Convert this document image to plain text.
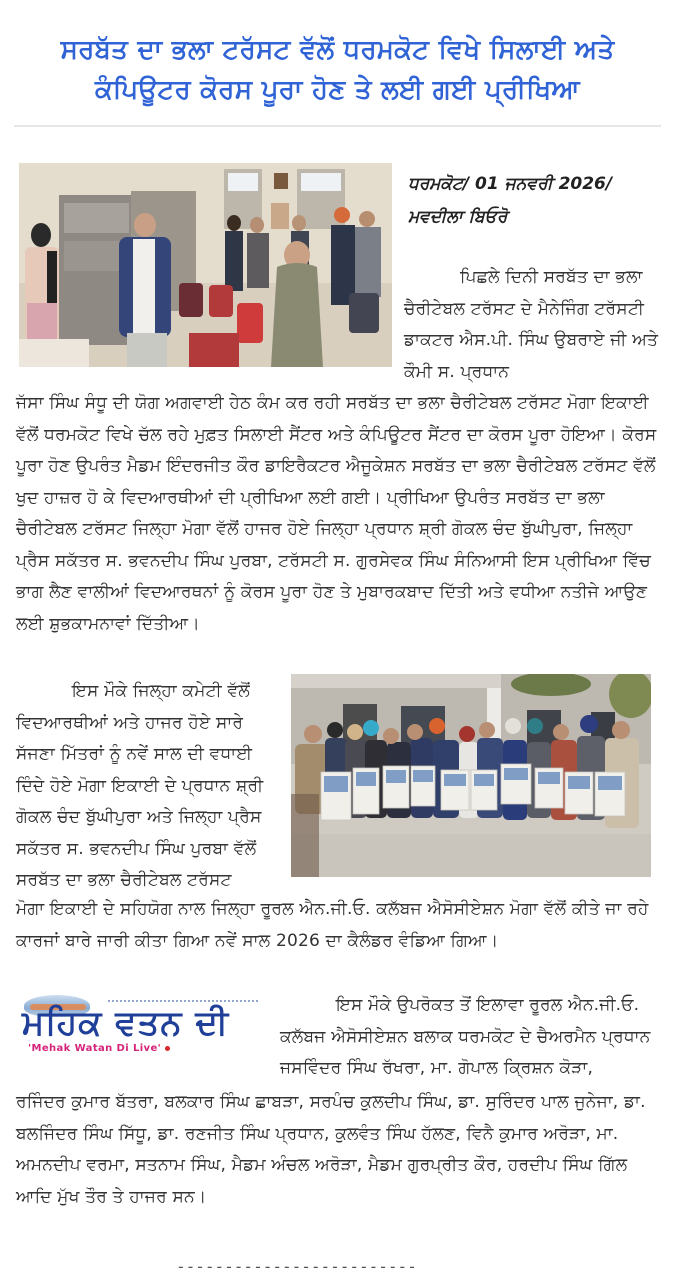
ਸਰਬੱਤ ਦਾ ਭਲਾ ਟਰੱਸਟ ਵੱਲੋਂ ਧਰਮਕੋਟ ਵਿਖੇ ਸਿਲਾਈ ਅਤੇ ਕੰਪਿਊਟਰ ਕੋਰਸ ਪੂਰਾ ਹੋਣ ਤੇ ਲਈ ਗਈ ਪ੍ਰੀਖਿਆ
ਧਰਮਕੋਟ/ 01 ਜਨਵਰੀ 2026/
ਮਵਦੀਲਾ ਬਿਓਰੋ

ਪਿਛਲੇ ਦਿਨੀ ਸਰਬੱਤ ਦਾ ਭਲਾ ਚੈਰੀਟੇਬਲ ਟਰੱਸਟ ਦੇ ਮੈਨੇਜਿੰਗ ਟਰੱਸਟੀ ਡਾਕਟਰ ਐਸ.ਪੀ. ਸਿੰਘ ਉਬਰਾਏ ਜੀ ਅਤੇ ਕੌਮੀ ਸ. ਪ੍ਰਧਾਨ

ਜੱਸਾ ਸਿੰਘ ਸੰਧੂ ਦੀ ਯੋਗ ਅਗਵਾਈ ਹੇਠ ਕੰਮ ਕਰ ਰਹੀ ਸਰਬੱਤ ਦਾ ਭਲਾ ਚੈਰੀਟੇਬਲ ਟਰੱਸਟ ਮੋਗਾ ਇਕਾਈ ਵੱਲੋਂ ਧਰਮਕੋਟ ਵਿਖੇ ਚੱਲ ਰਹੇ ਮੁਫ਼ਤ ਸਿਲਾਈ ਸੈਂਟਰ ਅਤੇ ਕੰਪਿਊਟਰ ਸੈਂਟਰ ਦਾ ਕੋਰਸ ਪੂਰਾ ਹੋਇਆ। ਕੋਰਸ ਪੂਰਾ ਹੋਣ ਉਪਰੰਤ ਮੈਡਮ ਇੰਦਰਜੀਤ ਕੌਰ ਡਾਇਰੈਕਟਰ ਐਜੂਕੇਸ਼ਨ ਸਰਬੱਤ ਦਾ ਭਲਾ ਚੈਰੀਟੇਬਲ ਟਰੱਸਟ ਵੱਲੋਂ ਖੁਦ ਹਾਜ਼ਰ ਹੋ ਕੇ ਵਿਦਆਰਥੀਆਂ ਦੀ ਪ੍ਰੀਖਿਆ ਲਈ ਗਈ। ਪ੍ਰੀਖਿਆ ਉਪਰੰਤ ਸਰਬੱਤ ਦਾ ਭਲਾ ਚੈਰੀਟੇਬਲ ਟਰੱਸਟ ਜਿਲ੍ਹਾ ਮੋਗਾ ਵੱਲੋਂ ਹਾਜਰ ਹੋਏ ਜਿਲ੍ਹਾ ਪ੍ਰਧਾਨ ਸ਼੍ਰੀ ਗੋਕਲ ਚੰਦ ਬੁੱਘੀਪੁਰਾ, ਜਿਲ੍ਹਾ ਪ੍ਰੈਸ ਸਕੱਤਰ ਸ. ਭਵਨਦੀਪ ਸਿੰਘ ਪੁਰਬਾ, ਟਰੱਸਟੀ ਸ. ਗੁਰਸੇਵਕ ਸਿੰਘ ਸੰਨਿਆਸੀ ਇਸ ਪ੍ਰੀਖਿਆ ਵਿੱਚ ਭਾਗ ਲੈਣ ਵਾਲੀਆਂ ਵਿਦਆਰਥਨਾਂ ਨੂੰ ਕੋਰਸ ਪੂਰਾ ਹੋਣ ਤੇ ਮੁਬਾਰਕਬਾਦ ਦਿੱਤੀ ਅਤੇ ਵਧੀਆ ਨਤੀਜੇ ਆਉਣ ਲਈ ਸ਼ੁਭਕਾਮਨਾਵਾਂ ਦਿੱਤੀਆ।

ਇਸ ਮੌਕੇ ਜਿਲ੍ਹਾ ਕਮੇਟੀ ਵੱਲੋਂ ਵਿਦਆਰਥੀਆਂ ਅਤੇ ਹਾਜਰ ਹੋਏ ਸਾਰੇ ਸੱਜਣਾ ਮਿੱਤਰਾਂ ਨੂੰ ਨਵੇਂ ਸਾਲ ਦੀ ਵਧਾਈ ਦਿੰਦੇ ਹੋਏ ਮੋਗਾ ਇਕਾਈ ਦੇ ਪ੍ਰਧਾਨ ਸ਼੍ਰੀ ਗੋਕਲ ਚੰਦ ਬੁੱਘੀਪੁਰਾ ਅਤੇ ਜਿਲ੍ਹਾ ਪ੍ਰੈਸ ਸਕੱਤਰ ਸ. ਭਵਨਦੀਪ ਸਿੰਘ ਪੁਰਬਾ ਵੱਲੋਂ ਸਰਬੱਤ ਦਾ ਭਲਾ ਚੈਰੀਟੇਬਲ ਟਰੱਸਟ

ਮੋਗਾ ਇਕਾਈ ਦੇ ਸਹਿਯੋਗ ਨਾਲ ਜਿਲ੍ਹਾ ਰੂਰਲ ਐਨ.ਜੀ.ਓ. ਕਲੱਬਜ ਐਸੋਸੀਏਸ਼ਨ ਮੋਗਾ ਵੱਲੋਂ ਕੀਤੇ ਜਾ ਰਹੇ ਕਾਰਜਾਂ ਬਾਰੇ ਜਾਰੀ ਕੀਤਾ ਗਿਆ ਨਵੇਂ ਸਾਲ 2026 ਦਾ ਕੈਲੰਡਰ ਵੰਡਿਆ ਗਿਆ।

ਮਹਿਕ ਵਤਨ ਦੀ
'Mehak Watan Di Live'

ਇਸ ਮੌਕੇ ਉਪਰੋਕਤ ਤੋਂ ਇਲਾਵਾ ਰੂਰਲ ਐਨ.ਜੀ.ਓ. ਕਲੱਬਜ ਐਸੋਸੀਏਸ਼ਨ ਬਲਾਕ ਧਰਮਕੋਟ ਦੇ ਚੈਅਰਮੈਨ ਪ੍ਰਧਾਨ ਜਸਵਿੰਦਰ ਸਿੰਘ ਰੱਖਰਾ, ਮਾ. ਗੋਪਾਲ ਕ੍ਰਿਸ਼ਨ ਕੋੜਾ,

ਰਜਿੰਦਰ ਕੁਮਾਰ ਬੱਤਰਾ, ਬਲਕਾਰ ਸਿੰਘ ਛਾਬੜਾ, ਸਰਪੰਚ ਕੁਲਦੀਪ ਸਿੰਘ, ਡਾ. ਸੁਰਿੰਦਰ ਪਾਲ ਜੁਨੇਜਾ, ਡਾ. ਬਲਜਿੰਦਰ ਸਿੰਘ ਸਿੱਧੂ, ਡਾ. ਰਣਜੀਤ ਸਿੰਘ ਪ੍ਰਧਾਨ, ਕੁਲਵੰਤ ਸਿੰਘ ਹੱਲਣ, ਵਿਨੈ ਕੁਮਾਰ ਅਰੋੜਾ, ਮਾ. ਅਮਨਦੀਪ ਵਰਮਾ, ਸਤਨਾਮ ਸਿੰਘ, ਮੈਡਮ ਅੰਚਲ ਅਰੋੜਾ, ਮੈਡਮ ਗੁਰਪ੍ਰੀਤ ਕੌਰ, ਹਰਦੀਪ ਸਿੰਘ ਗਿੱਲ ਆਦਿ ਮੁੱਖ ਤੌਰ ਤੇ ਹਾਜਰ ਸਨ।

-------------------------
